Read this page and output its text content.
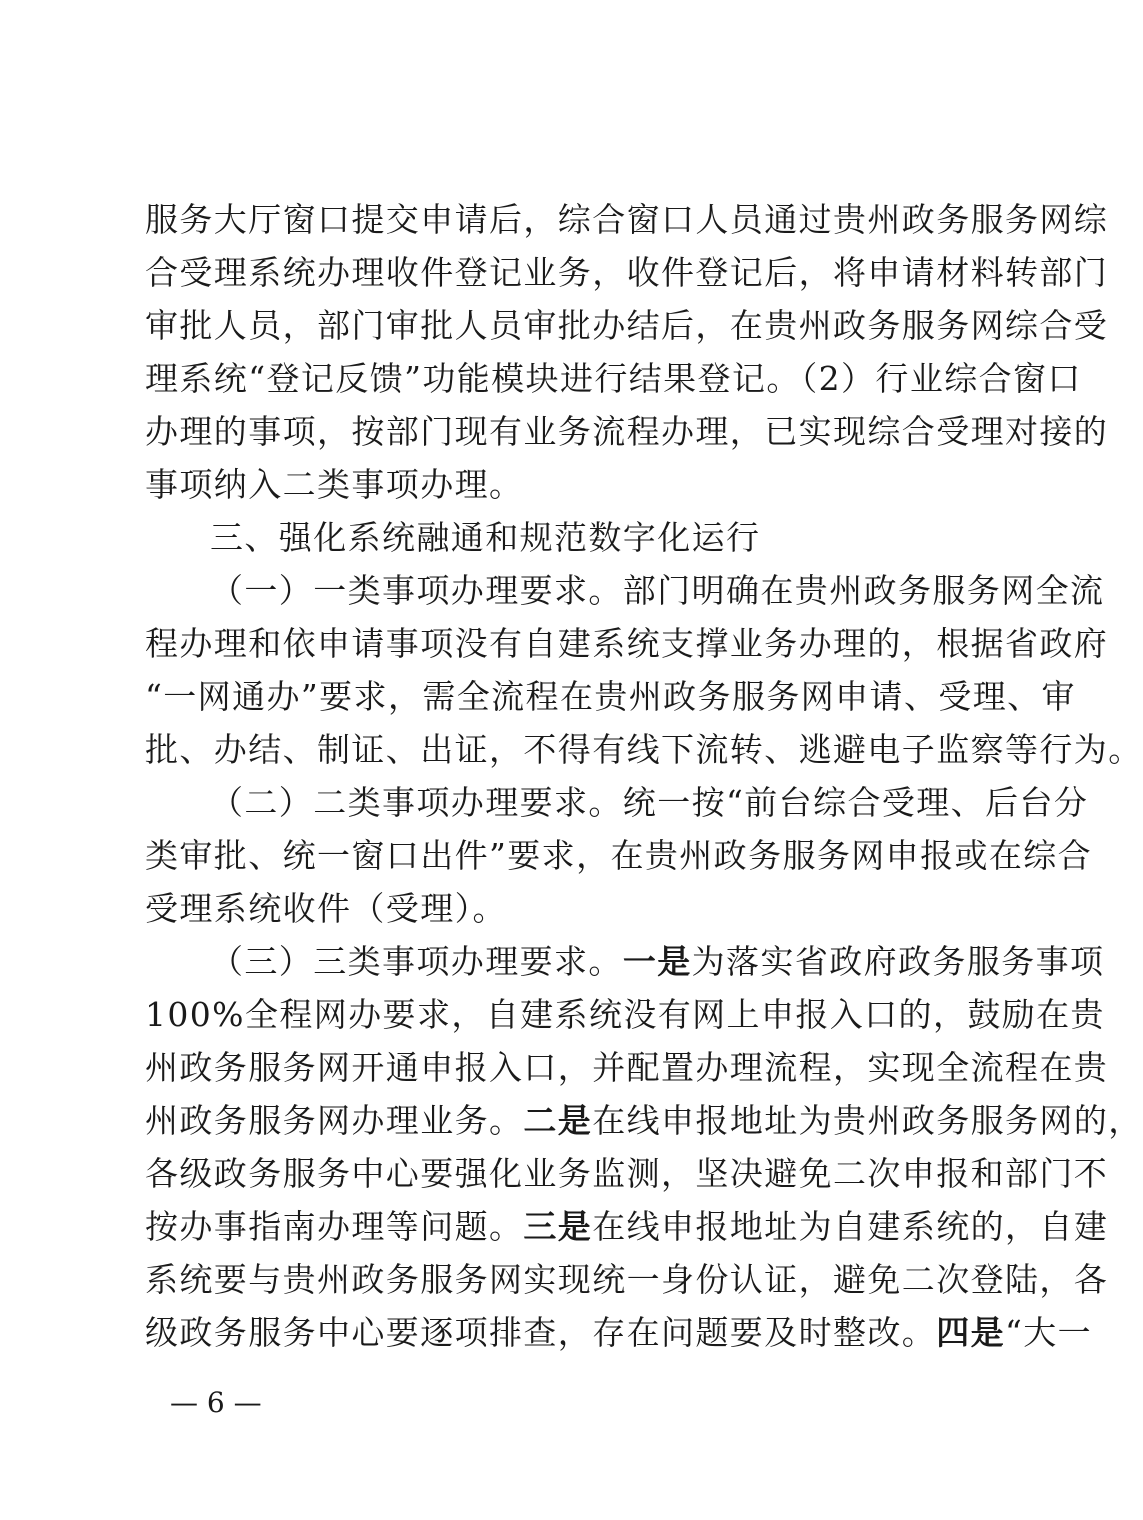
服务大厅窗口提交申请后，综合窗口人员通过贵州政务服务网综
合受理系统办理收件登记业务，收件登记后，将申请材料转部门
审批人员，部门审批人员审批办结后，在贵州政务服务网综合受
理系统“登记反馈”功能模块进行结果登记。（2）行业综合窗口
办理的事项，按部门现有业务流程办理，已实现综合受理对接的
事项纳入二类事项办理。
三、强化系统融通和规范数字化运行
（一）一类事项办理要求。部门明确在贵州政务服务网全流
程办理和依申请事项没有自建系统支撑业务办理的，根据省政府
“一网通办”要求，需全流程在贵州政务服务网申请、受理、审
批、办结、制证、出证，不得有线下流转、逃避电子监察等行为。
（二）二类事项办理要求。统一按“前台综合受理、后台分
类审批、统一窗口出件”要求，在贵州政务服务网申报或在综合
受理系统收件（受理）。
（三）三类事项办理要求。一是为落实省政府政务服务事项
100%全程网办要求，自建系统没有网上申报入口的，鼓励在贵
州政务服务网开通申报入口，并配置办理流程，实现全流程在贵
州政务服务网办理业务。二是在线申报地址为贵州政务服务网的，
各级政务服务中心要强化业务监测，坚决避免二次申报和部门不
按办事指南办理等问题。三是在线申报地址为自建系统的，自建
系统要与贵州政务服务网实现统一身份认证，避免二次登陆，各
级政务服务中心要逐项排查，存在问题要及时整改。四是“大一
— 6 —
